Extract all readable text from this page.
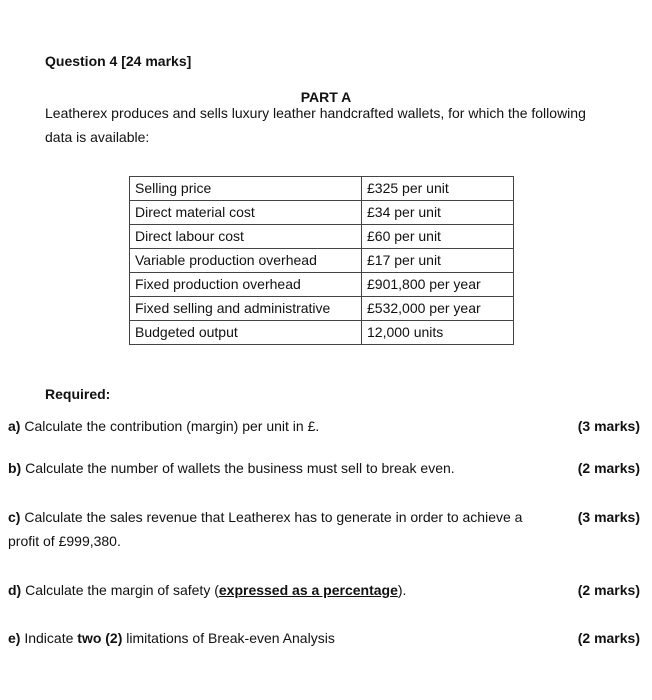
Question 4 [24 marks]
PART A
Leatherex produces and sells luxury leather handcrafted wallets, for which the following
data is available:
Selling price	£325 per unit
Direct material cost	£34 per unit
Direct labour cost	£60 per unit
Variable production overhead	£17 per unit
Fixed production overhead	£901,800 per year
Fixed selling and administrative	£532,000 per year
Budgeted output	12,000 units
Required:
a) Calculate the contribution (margin) per unit in £.	(3 marks)
b) Calculate the number of wallets the business must sell to break even.	(2 marks)
c) Calculate the sales revenue that Leatherex has to generate in order to achieve a
profit of £999,380.
(3 marks)
d) Calculate the margin of safety (expressed as a percentage).	(2 marks)
e) Indicate two (2) limitations of Break-even Analysis	(2 marks)
